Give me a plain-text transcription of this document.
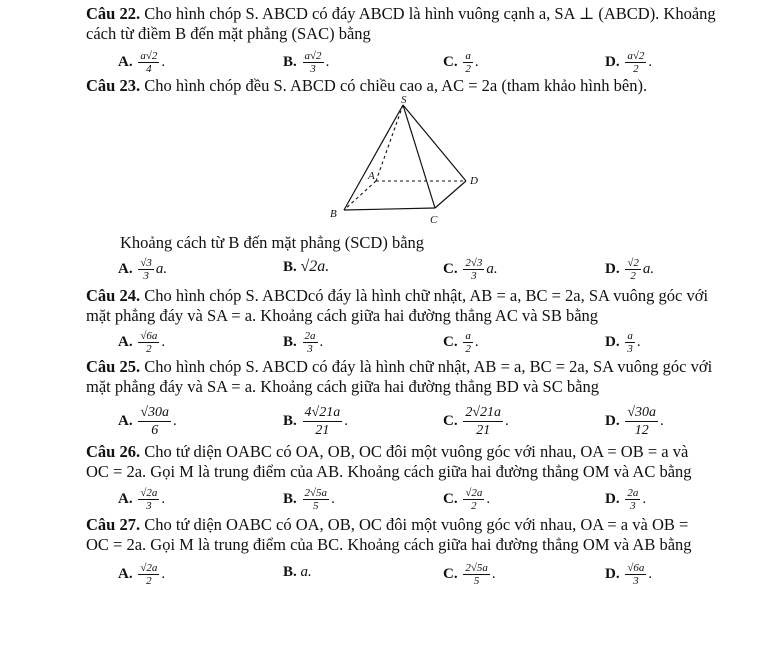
Câu 22. Cho hình chóp S. ABCD có đáy ABCD là hình vuông cạnh a, SA ⊥ (ABCD). Khoảng
cách từ điềm B đến mặt phẳng (SAC) bằng
A. $\frac{a√2}{4}$ .	B. $\frac{a√2}{3}$ .	C. $\frac{a}{2}$ .	D. $\frac{a√2}{2}$ .
Câu 23. Cho hình chóp đều S. ABCD có chiều cao a, AC = 2a (tham khảo hình bên).
S
A
B	C
D
Khoảng cách từ B đến mặt phẳng (SCD) bằng
A. $\frac{√3}{3} a$.	B. √2a.	C. $\frac{2√3}{3} a$.	D. $\frac{√2}{2} a$.
Câu 24. Cho hình chóp S. ABCDcó đáy là hình chữ nhật, AB = a, BC = 2a, SA vuông góc với
mặt phẳng đáy và SA = a. Khoảng cách giữa hai đường thẳng AC và SB bằng
A. $\frac{√6a}{2}$ .	B. $\frac{2a}{3}$ .	C. $\frac{a}{2}$ .	D. $\frac{a}{3}$ .
Câu 25. Cho hình chóp S. ABCD có đáy là hình chữ nhật, AB = a, BC = 2a, SA vuông góc với
mặt phẳng đáy và SA = a. Khoảng cách giữa hai đường thẳng BD và SC bằng
A. $\frac{√30a}{6}$ .	B. $\frac{4√21a}{21}$ .	C. $\frac{2√21a}{21}$ .	D. $\frac{√30a}{12}$ .
Câu 26. Cho tứ diện OABC có OA, OB, OC đôi một vuông góc với nhau, OA = OB = a và
OC = 2a. Gọi M là trung điểm của AB. Khoảng cách giữa hai đường thẳng OM và AC bằng
A. $\frac{√2a}{3}$ .	B. $\frac{2√5a}{5}$ .	C. $\frac{√2a}{2}$ .	D. $\frac{2a}{3}$ .
Câu 27. Cho tứ diện OABC có OA, OB, OC đôi một vuông góc với nhau, OA = a và OB =
OC = 2a. Gọi M là trung điểm của BC. Khoảng cách giữa hai đường thẳng OM và AB bằng
A. $\frac{√2a}{2}$ .	B. a.	C. $\frac{2√5a}{5}$ .	D. $\frac{√6a}{3}$ .
